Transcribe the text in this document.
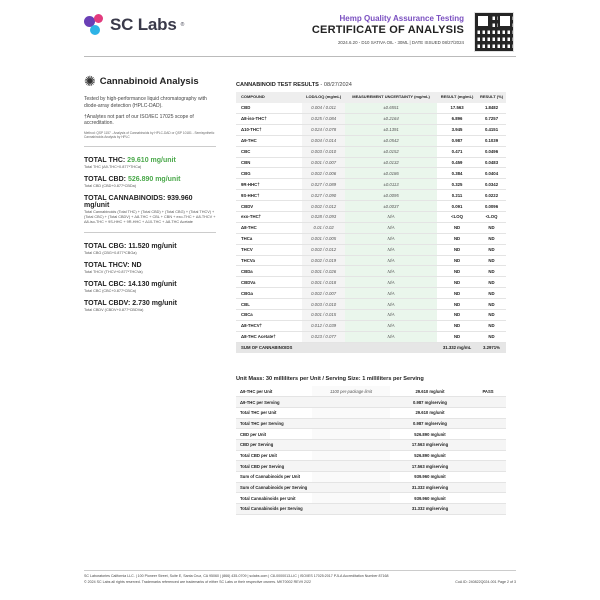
SC Labs ®
Hemp Quality Assurance Testing
CERTIFICATE OF ANALYSIS
2024.6.20 - D10 SATIVA OIL - 30ML | DATE ISSUED 08/27/2024
✺ Cannabinoid Analysis

Tested by high-performance liquid chromatography with diode-array detection (HPLC-DAD).

†Analytes not part of our ISO/IEC 17025 scope of accreditation.

Method: QSP 1157 - Analysis of Cannabinoids by HPLC-DAD or QSP 10181 - Semisynthetic Cannabinoids Analysis by HPLC

TOTAL THC: 29.610 mg/unit
Total THC (Δ9-THC+0.877*THCa)
TOTAL CBD: 526.890 mg/unit
Total CBD (CBD+0.877*CBDa)
TOTAL CANNABINOIDS: 939.960 mg/unit
Total Cannabinoids (Total THC) + (Total CBD) + (Total CBG) + (Total THCV) + (Total CBC) + (Total CBDV) + Δ8-THC + CBL + CBN + exo-THC + Δ8-THCV + Δ8-iso-THC + 9S-HHC + 9R-HHC + Δ10-THC + Δ8-THC Acetate
TOTAL CBG: 11.520 mg/unit
Total CBG (CBG+0.877*CBGa)
TOTAL THCV: ND
Total THCV (THCV+0.877*THCVa)
TOTAL CBC: 14.130 mg/unit
Total CBC (CBC+0.877*CBCa)
TOTAL CBDV: 2.730 mg/unit
Total CBDV (CBDV+0.877*CBDVa)
CANNABINOID TEST RESULTS - 08/27/2024
COMPOUND	LOD/LOQ (mg/mL)	MEASUREMENT UNCERTAINTY (mg/mL)	RESULT (mg/mL)	RESULT (%)
CBD	0.004 / 0.011	±0.6551	17.563	1.8482
Δ8-iso-THC†	0.025 / 0.084	±0.2164	6.896	0.7257
Δ10-THC†	0.024 / 0.078	±0.1391	3.945	0.4151
Δ9-THC	0.004 / 0.014	±0.0542	0.987	0.1039
CBC	0.003 / 0.010	±0.0152	0.471	0.0496
CBN	0.001 / 0.007	±0.0132	0.459	0.0483
CBG	0.002 / 0.006	±0.0186	0.384	0.0404
9R-HHC†	0.027 / 0.089	±0.0113	0.325	0.0342
9S-HHC†	0.027 / 0.090	±0.0095	0.211	0.0222
CBDV	0.002 / 0.012	±0.0037	0.091	0.0096
exo-THC†	0.028 / 0.093	N/A	<LOQ	<LOQ
Δ8-THC	0.01 / 0.02	N/A	ND	ND
THCa	0.001 / 0.005	N/A	ND	ND
THCV	0.002 / 0.012	N/A	ND	ND
THCVa	0.002 / 0.019	N/A	ND	ND
CBDa	0.001 / 0.026	N/A	ND	ND
CBDVa	0.001 / 0.018	N/A	ND	ND
CBGa	0.002 / 0.007	N/A	ND	ND
CBL	0.003 / 0.010	N/A	ND	ND
CBCa	0.001 / 0.015	N/A	ND	ND
Δ8-THCV†	0.012 / 0.039	N/A	ND	ND
Δ8-THC Acetate†	0.023 / 0.077	N/A	ND	ND
SUM OF CANNABINOIDS			31.332 mg/mL	3.2971%
Unit Mass: 30 milliliters per Unit / Serving Size: 1 milliliters per Serving
Δ9-THC per Unit	1100 per-package limit	29.610 mg/unit	PASS
Δ9-THC per Serving		0.987 mg/serving	
Total THC per Unit		29.610 mg/unit	
Total THC per Serving		0.987 mg/serving	
CBD per Unit		526.890 mg/unit	
CBD per Serving		17.563 mg/serving	
Total CBD per Unit		526.890 mg/unit	
Total CBD per Serving		17.563 mg/serving	
Sum of Cannabinoids per Unit		939.960 mg/unit	
Sum of Cannabinoids per Serving		31.332 mg/serving	
Total Cannabinoids per Unit		939.960 mg/unit	
Total Cannabinoids per Serving		31.332 mg/serving	
SC Laboratories California LLC. | 100 Pioneer Street, Suite E, Santa Cruz, CA 95060 | (866) 435-0709 | sclabs.com | C8-0000013-LIC | ISO/IES 17025:2017 PJLA Accreditation Number 87168
© 2024 SC Labs all rights reserved. Trademarks referenced are trademarks of either SC Labs or their respective owners. MKT0002 REV9 2/22	CoA ID: 240822Q024-001 Page 2 of 3
